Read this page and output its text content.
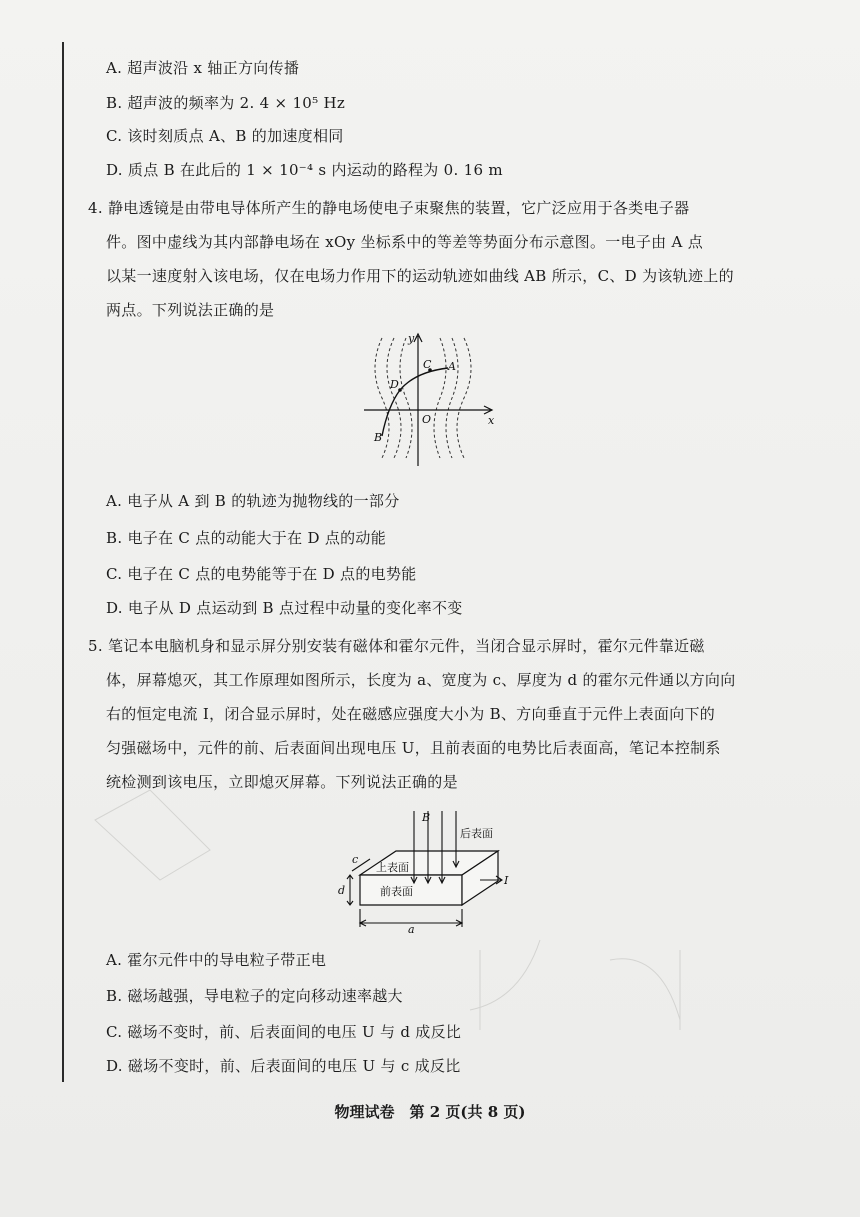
A. 超声波沿 x 轴正方向传播
B. 超声波的频率为 2. 4 × 10⁵ Hz
C. 该时刻质点 A、B 的加速度相同
D. 质点 B 在此后的 1 × 10⁻⁴ s 内运动的路程为 0. 16 m
4. 静电透镜是由带电导体所产生的静电场使电子束聚焦的装置，它广泛应用于各类电子器
件。图中虚线为其内部静电场在 xOy 坐标系中的等差等势面分布示意图。一电子由 A 点
以某一速度射入该电场，仅在电场力作用下的运动轨迹如曲线 AB 所示，C、D 为该轨迹上的
两点。下列说法正确的是
y
x
O
A
B
C
D
A. 电子从 A 到 B 的轨迹为抛物线的一部分
B. 电子在 C 点的动能大于在 D 点的动能
C. 电子在 C 点的电势能等于在 D 点的电势能
D. 电子从 D 点运动到 B 点过程中动量的变化率不变
5. 笔记本电脑机身和显示屏分别安装有磁体和霍尔元件，当闭合显示屏时，霍尔元件靠近磁
体，屏幕熄灭，其工作原理如图所示，长度为 a、宽度为 c、厚度为 d 的霍尔元件通以方向向
右的恒定电流 I，闭合显示屏时，处在磁感应强度大小为 B、方向垂直于元件上表面向下的
匀强磁场中，元件的前、后表面间出现电压 U，且前表面的电势比后表面高，笔记本控制系
统检测到该电压，立即熄灭屏幕。下列说法正确的是
B
后表面
上表面
前表面
I
c
d
a
A. 霍尔元件中的导电粒子带正电
B. 磁场越强，导电粒子的定向移动速率越大
C. 磁场不变时，前、后表面间的电压 U 与 d 成反比
D. 磁场不变时，前、后表面间的电压 U 与 c 成反比
物理试卷　第 2 页(共 8 页)
